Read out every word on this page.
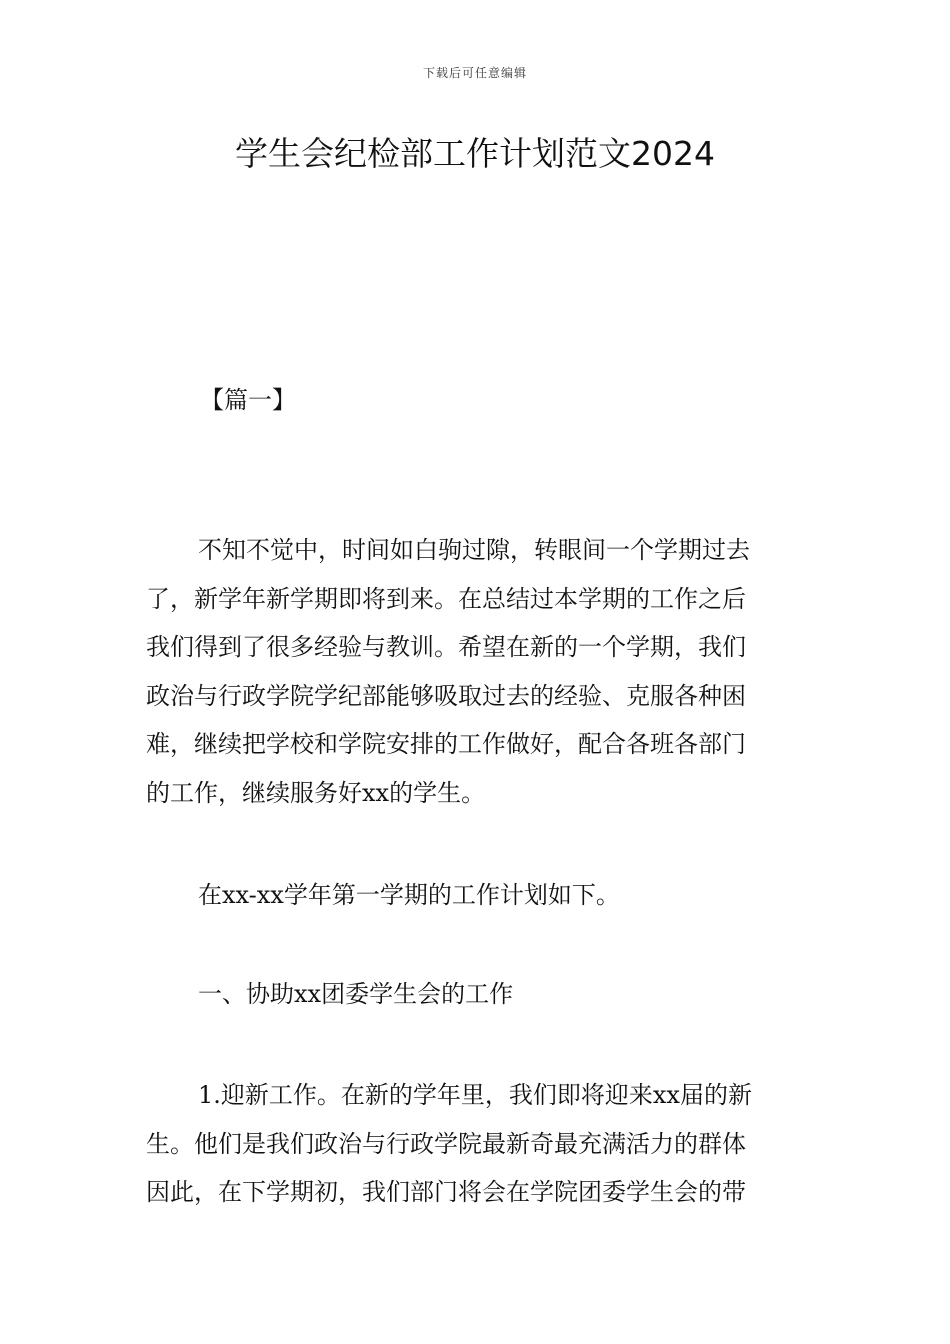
下载后可任意编辑
学生会纪检部工作计划范文2024
【篇一】
不知不觉中，时间如白驹过隙，转眼间一个学期过去
了，新学年新学期即将到来。在总结过本学期的工作之后
我们得到了很多经验与教训。希望在新的一个学期，我们
政治与行政学院学纪部能够吸取过去的经验、克服各种困
难，继续把学校和学院安排的工作做好，配合各班各部门
的工作，继续服务好xx的学生。

在xx-xx学年第一学期的工作计划如下。

一、协助xx团委学生会的工作

1.迎新工作。在新的学年里，我们即将迎来xx届的新
生。他们是我们政治与行政学院最新奇最充满活力的群体
因此，在下学期初，我们部门将会在学院团委学生会的带
